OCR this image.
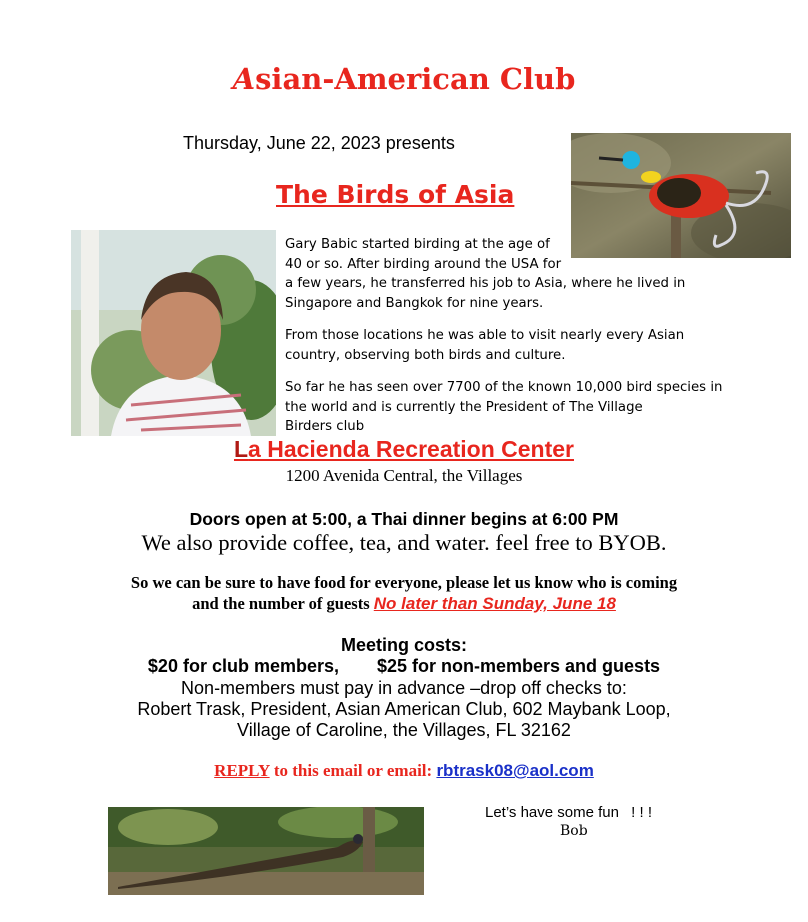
Asian-American Club
Thursday, June 22, 2023 presents
The Birds of Asia
Gary Babic started birding at the age of
40 or so. After birding around the USA for
a few years, he transferred his job to Asia, where he lived in
Singapore and Bangkok for nine years.
From those locations he was able to visit nearly every Asian
country, observing both birds and culture.
So far he has seen over 7700 of the known 10,000 bird species in
the world and is currently the President of The Village
Birders club
La Hacienda Recreation Center
1200 Avenida Central, the Villages
Doors open at 5:00, a Thai dinner begins at 6:00 PM
We also provide coffee, tea, and water. feel free to BYOB.
So we can be sure to have food for everyone, please let us know who is coming
and the number of guests No later than Sunday, June 18
Meeting costs:
$20 for club members, $25 for non-members and guests
Non-members must pay in advance –drop off checks to:
Robert Trask, President, Asian American Club, 602 Maybank Loop,
Village of Caroline, the Villages, FL 32162
REPLY to this email or email: rbtrask08@aol.com
Let’s have some fun ! ! !
Bob
